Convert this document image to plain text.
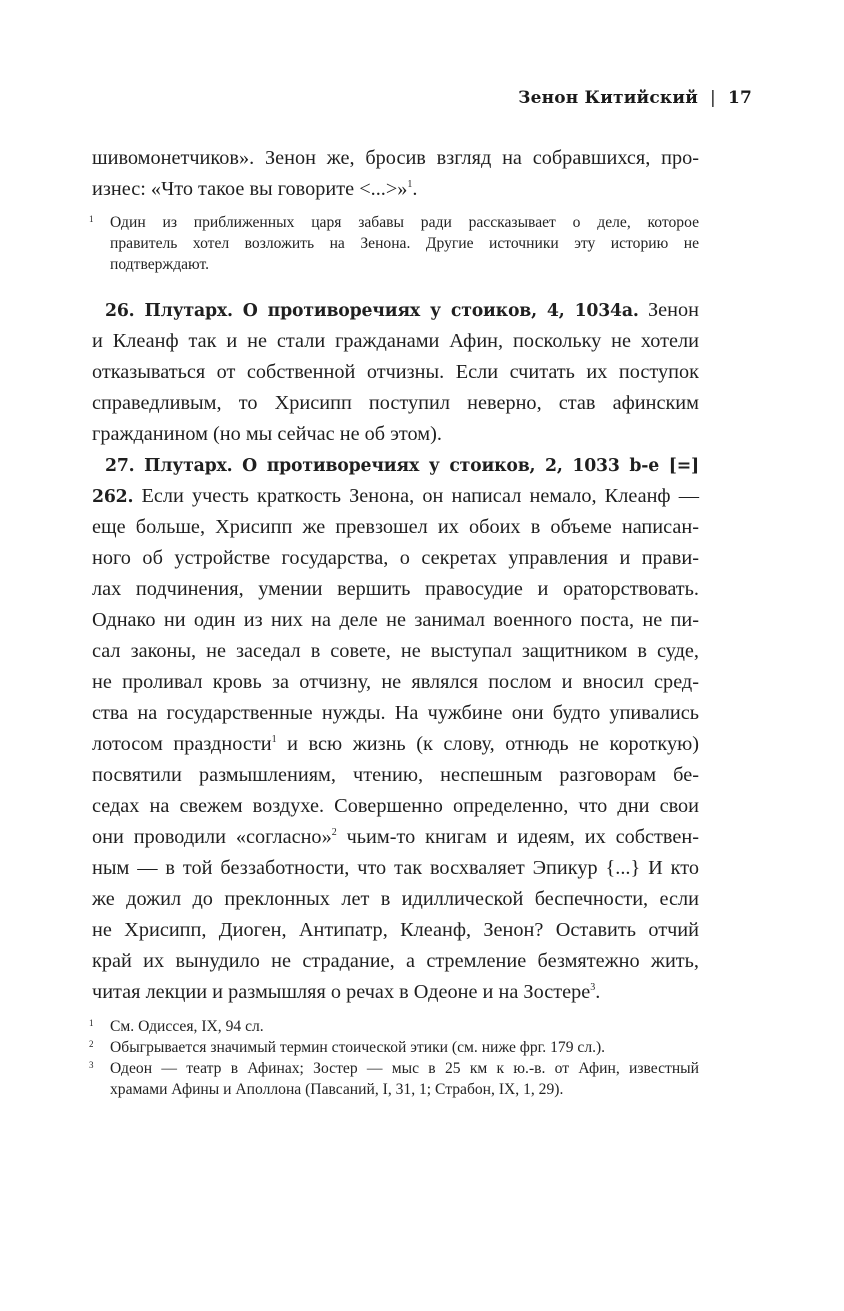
Зенон Китийский | 17
шивомонетчиков». Зенон же, бросив взгляд на собравшихся, про-
изнес: «Что такое вы говорите <...>»$^1$.
1 Один из приближенных царя забавы ради рассказывает о деле, которое
правитель хотел возложить на Зенона. Другие источники эту историю не
подтверждают.
26. Плутарх. О противоречиях у стоиков, 4, 1034a. Зенон
и Клеанф так и не стали гражданами Афин, поскольку не хотели
отказываться от собственной отчизны. Если считать их поступок
справедливым, то Хрисипп поступил неверно, став афинским
гражданином (но мы сейчас не об этом).
27. Плутарх. О противоречиях у стоиков, 2, 1033 b-e [=]
262. Если учесть краткость Зенона, он написал немало, Клеанф —
еще больше, Хрисипп же превзошел их обоих в объеме написан-
ного об устройстве государства, о секретах управления и прави-
лах подчинения, умении вершить правосудие и ораторствовать.
Однако ни один из них на деле не занимал военного поста, не пи-
сал законы, не заседал в совете, не выступал защитником в суде,
не проливал кровь за отчизну, не являлся послом и вносил сред-
ства на государственные нужды. На чужбине они будто упивались
лотосом праздности$^1$ и всю жизнь (к слову, отнюдь не короткую)
посвятили размышлениям, чтению, неспешным разговорам бе-
седах на свежем воздухе. Совершенно определенно, что дни свои
они проводили «согласно»$^2$ чьим-то книгам и идеям, их собствен-
ным — в той беззаботности, что так восхваляет Эпикур {...} И кто
же дожил до преклонных лет в идиллической беспечности, если
не Хрисипп, Диоген, Антипатр, Клеанф, Зенон? Оставить отчий
край их вынудило не страдание, а стремление безмятежно жить,
читая лекции и размышляя о речах в Одеоне и на Зостере$^3$.
1 См. Одиссея, IX, 94 сл.
2 Обыгрывается значимый термин стоической этики (см. ниже фрг. 179 сл.).
3 Одеон — театр в Афинах; Зостер — мыс в 25 км к ю.-в. от Афин, известный
храмами Афины и Аполлона (Павсаний, I, 31, 1; Страбон, IX, 1, 29).
